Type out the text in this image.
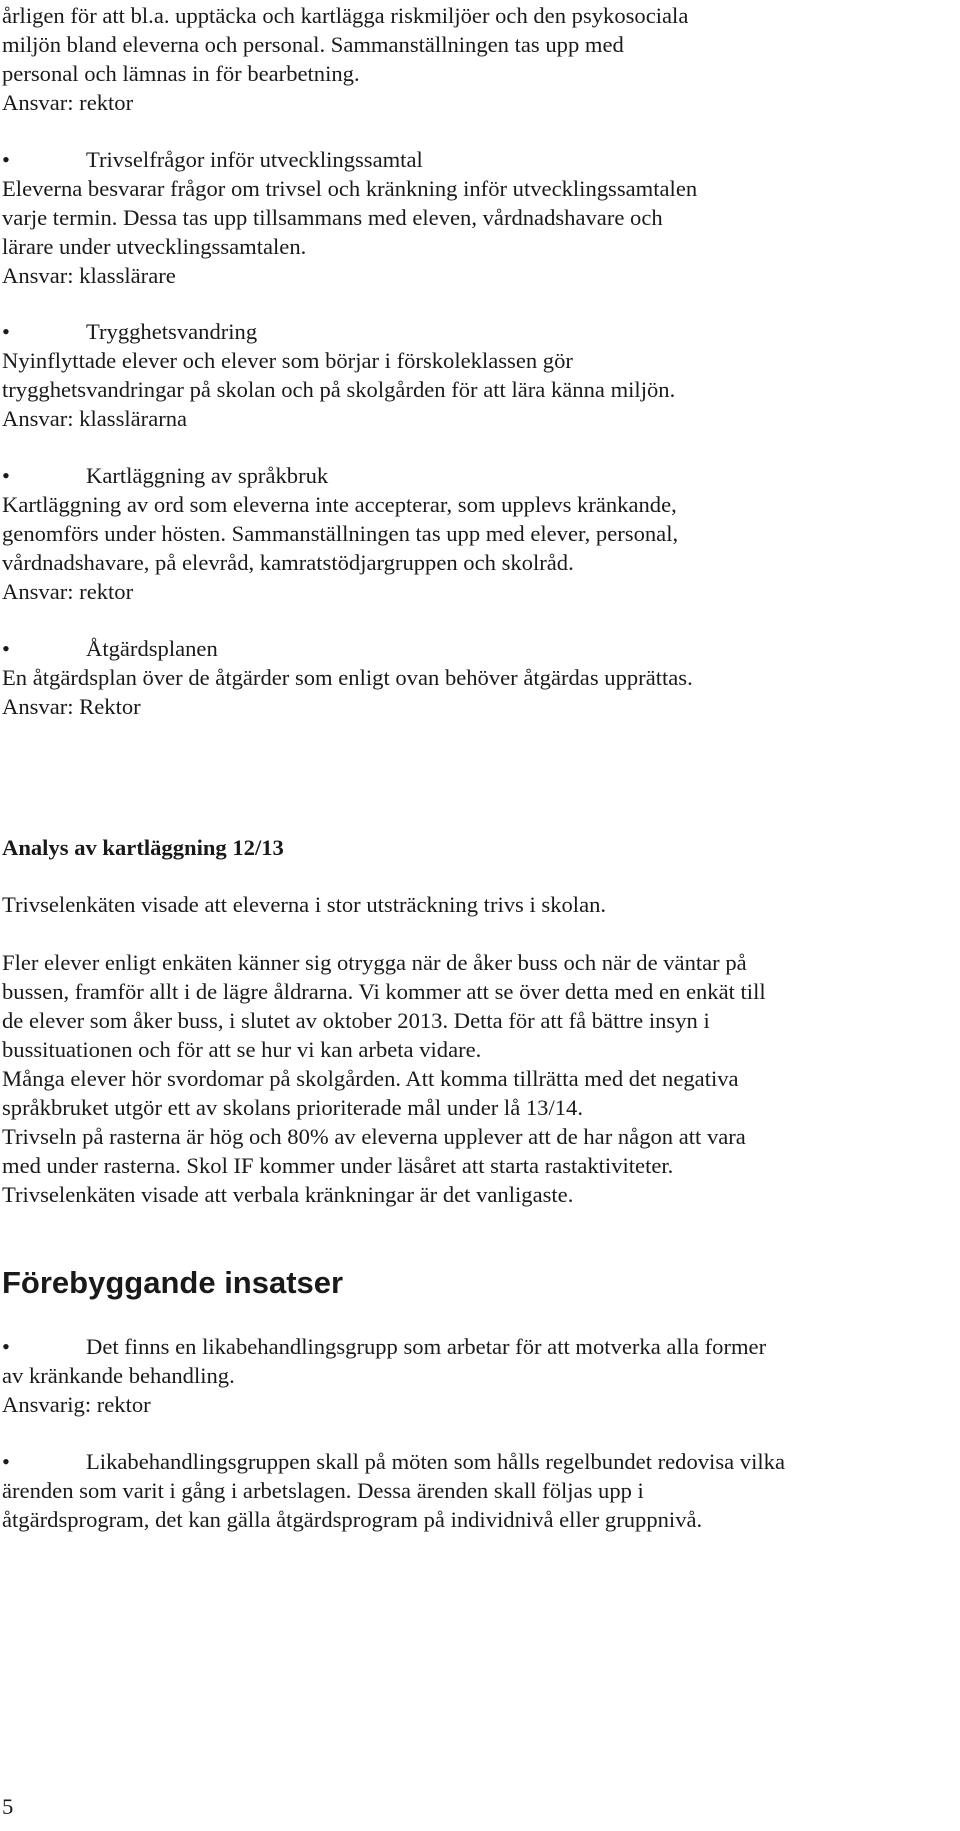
årligen för att bl.a. upptäcka och kartlägga riskmiljöer och den psykosociala
miljön bland eleverna och personal. Sammanställningen tas upp med
personal och lämnas in för bearbetning.
Ansvar: rektor
•	Trivselfrågor inför utvecklingssamtal
Eleverna besvarar frågor om trivsel och kränkning inför utvecklingssamtalen
varje termin. Dessa tas upp tillsammans med eleven, vårdnadshavare och
lärare under utvecklingssamtalen.
Ansvar: klasslärare
•	Trygghetsvandring
Nyinflyttade elever och elever som börjar i förskoleklassen gör
trygghetsvandringar på skolan och på skolgården för att lära känna miljön.
Ansvar: klasslärarna
•	Kartläggning av språkbruk
Kartläggning av ord som eleverna inte accepterar, som upplevs kränkande,
genomförs under hösten. Sammanställningen tas upp med elever, personal,
vårdnadshavare, på elevråd, kamratstödjargruppen och skolråd.
Ansvar: rektor
•	Åtgärdsplanen
En åtgärdsplan över de åtgärder som enligt ovan behöver åtgärdas upprättas.
Ansvar: Rektor
Analys av kartläggning 12/13
Trivselenkäten visade att eleverna i stor utsträckning trivs i skolan.
Fler elever enligt enkäten känner sig otrygga när de åker buss och när de väntar på
bussen, framför allt i de lägre åldrarna. Vi kommer att se över detta med en enkät till
de elever som åker buss, i slutet av oktober 2013. Detta för att få bättre insyn i
bussituationen och för att se hur vi kan arbeta vidare.
Många elever hör svordomar på skolgården. Att komma tillrätta med det negativa
språkbruket utgör ett av skolans prioriterade mål under lå 13/14.
Trivseln på rasterna är hög och 80% av eleverna upplever att de har någon att vara
med under rasterna. Skol IF kommer under läsåret att starta rastaktiviteter.
Trivselenkäten visade att verbala kränkningar är det vanligaste.
Förebyggande insatser
•	Det finns en likabehandlingsgrupp som arbetar för att motverka alla former
av kränkande behandling.
Ansvarig: rektor
•	Likabehandlingsgruppen skall på möten som hålls regelbundet redovisa vilka
ärenden som varit i gång i arbetslagen. Dessa ärenden skall följas upp i
åtgärdsprogram, det kan gälla åtgärdsprogram på individnivå eller gruppnivå.
5
